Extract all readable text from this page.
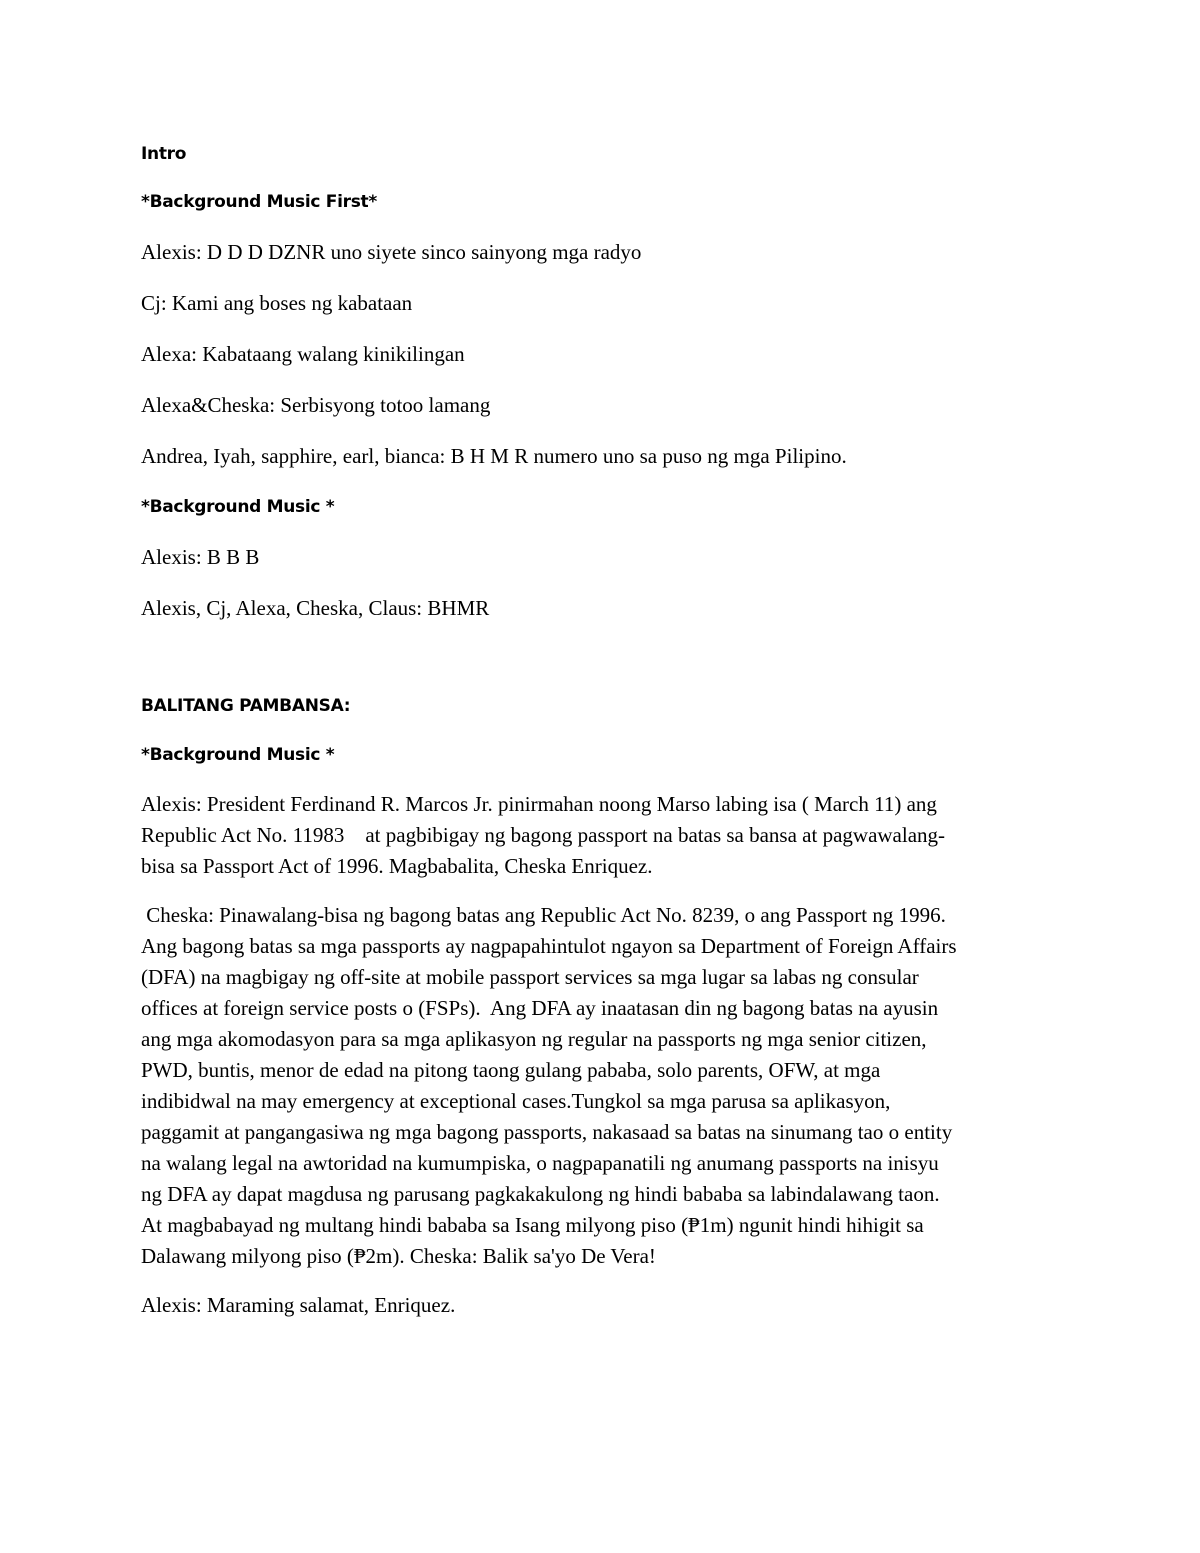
Intro

*Background Music First*

Alexis: D D D DZNR uno siyete sinco sainyong mga radyo

Cj: Kami ang boses ng kabataan

Alexa: Kabataang walang kinikilingan

Alexa&Cheska: Serbisyong totoo lamang

Andrea, Iyah, sapphire, earl, bianca: B H M R numero uno sa puso ng mga Pilipino.

*Background Music *

Alexis: B B B

Alexis, Cj, Alexa, Cheska, Claus: BHMR

BALITANG PAMBANSA:

*Background Music *

Alexis: President Ferdinand R. Marcos Jr. pinirmahan noong Marso labing isa ( March 11) ang
Republic Act No. 11983    at pagbibigay ng bagong passport na batas sa bansa at pagwawalang-
bisa sa Passport Act of 1996. Magbabalita, Cheska Enriquez.
Cheska: Pinawalang-bisa ng bagong batas ang Republic Act No. 8239, o ang Passport ng 1996.
Ang bagong batas sa mga passports ay nagpapahintulot ngayon sa Department of Foreign Affairs
(DFA) na magbigay ng off-site at mobile passport services sa mga lugar sa labas ng consular
offices at foreign service posts o (FSPs).  Ang DFA ay inaatasan din ng bagong batas na ayusin
ang mga akomodasyon para sa mga aplikasyon ng regular na passports ng mga senior citizen,
PWD, buntis, menor de edad na pitong taong gulang pababa, solo parents, OFW, at mga
indibidwal na may emergency at exceptional cases.Tungkol sa mga parusa sa aplikasyon,
paggamit at pangangasiwa ng mga bagong passports, nakasaad sa batas na sinumang tao o entity
na walang legal na awtoridad na kumumpiska, o nagpapanatili ng anumang passports na inisyu
ng DFA ay dapat magdusa ng parusang pagkakakulong ng hindi bababa sa labindalawang taon.
At magbabayad ng multang hindi bababa sa Isang milyong piso (₱1m) ngunit hindi hihigit sa
Dalawang milyong piso (₱2m). Cheska: Balik sa'yo De Vera!

Alexis: Maraming salamat, Enriquez.
